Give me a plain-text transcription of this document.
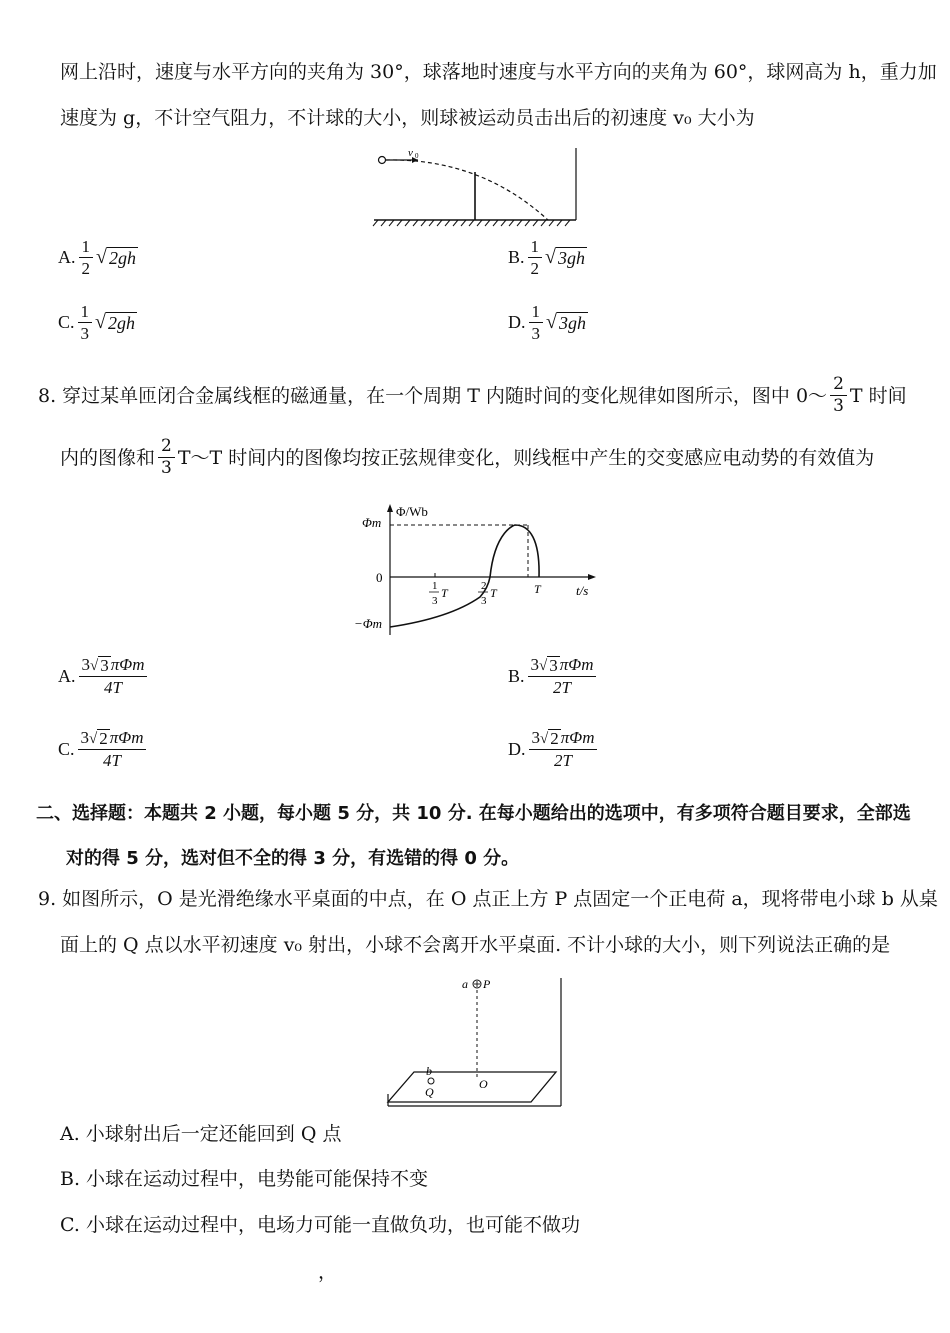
网上沿时，速度与水平方向的夹角为 30°，球落地时速度与水平方向的夹角为 60°，球网高为 h，重力加
速度为 g，不计空气阻力，不计球的大小，则球被运动员击出后的初速度 v₀ 大小为
v 0
A. $\frac{1}{2}$ √ 2gh	B. $\frac{1}{2}$ √ 3gh
C. $\frac{1}{3}$ √ 2gh	D. $\frac{1}{3}$ √ 3gh
8. 穿过某单匝闭合金属线框的磁通量，在一个周期 T 内随时间的变化规律如图所示，图中 0～ $\frac{2}{3}$ T 时间
内的图像和 $\frac{2}{3}$ T～T 时间内的图像均按正弦规律变化，则线框中产生的交变感应电动势的有效值为
Φ/Wb
t/s
Φm
0
−Φm
1
3
T	2
3
T	T
A. $\frac{\text{3 √ 3 πΦm}}{4T}$	B. $\frac{\text{3 √ 3 πΦm}}{2T}$
C. $\frac{\text{3 √ 2 πΦm}}{4T}$	D. $\frac{\text{3 √ 2 πΦm}}{2T}$
二、选择题：本题共 2 小题，每小题 5 分，共 10 分. 在每小题给出的选项中，有多项符合题目要求，全部选
对的得 5 分，选对但不全的得 3 分，有选错的得 0 分。
9. 如图所示，O 是光滑绝缘水平桌面的中点，在 O 点正上方 P 点固定一个正电荷 a，现将带电小球 b 从桌
面上的 Q 点以水平初速度 v₀ 射出，小球不会离开水平桌面. 不计小球的大小，则下列说法正确的是
a P
b
Q
O
A. 小球射出后一定还能回到 Q 点
B. 小球在运动过程中，电势能可能保持不变
C. 小球在运动过程中，电场力可能一直做负功，也可能不做功
，
